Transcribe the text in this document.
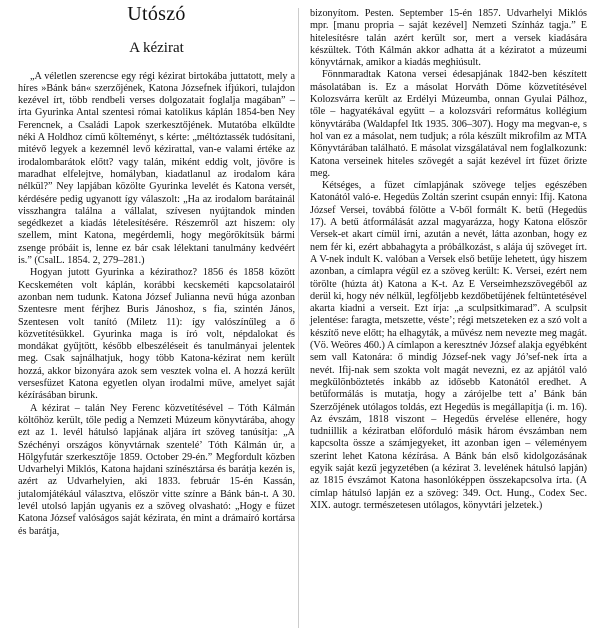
Utószó
A kézirat

„A véletlen szerencse egy régi kézirat birtokába juttatott, mely a híres »Bánk bán« szerzőjének, Katona Józsefnek ifjúkori, tulajdon kezével írt, több rendbeli verses dolgozatait foglalja magában” – írta Gyurinka Antal szentesi római katolikus káplán 1854-ben Ney Ferencnek, a Családi Lapok szerkesztőjének. Mutatóba elküldte néki A Holdhoz című költeményt, s kérte: „méltóztassék tudósítani, mitévő legyek a kezemnél levő kézirattal, van-e valami értéke az irodalombarátok előtt? vagy talán, miként eddig volt, jövőre is maradhat elfelejtve, homályban, kiadatlanul az irodalom kára nélkül?” Ney lapjában közölte Gyurinka levelét és Katona versét, kérdésére pedig ugyanott így válaszolt: „Ha az irodalom barátainál visszhangra találna a vállalat, szívesen nyújtandok minden segédkezet a kiadás lételesítésére. Részemről azt hiszem: oly szellem, mint Katona, megérdemli, hogy megörökítsük bármi zsenge próbáit is, lenne ez bár csak lélektani tanulmány kedvéért is.” (CsalL. 1854. 2, 279–281.)

Hogyan jutott Gyurinka a kézirathoz? 1856 és 1858 között Kecskeméten volt káplán, korábbi kecskeméti kapcsolatairól azonban nem tudunk. Katona József Julianna nevű húga azonban Szentesre ment férjhez Buris Jánoshoz, s fia, szintén János, Szentesen volt tanító (Miletz 11): így valószínűleg a ő közvetítésükkel. Gyurinka maga is író volt, népdalokat és mondákat gyűjtött, később elbeszéléseit és tanulmányai jelentek meg. Csak sajnálhatjuk, hogy több Katona-kézirat nem került hozzá, akkor bizonyára azok sem vesztek volna el. A hozzá került versesfüzet Katona egyetlen olyan irodalmi műve, amelyet saját kézírásában birunk.

A kézirat – talán Ney Ferenc közvetítésével – Tóth Kálmán költőhöz került, tőle pedig a Nemzeti Múzeum könyvtárába, ahogy ezt az 1. levél hátulsó lapjának aljára írt szöveg tanúsítja: „A Széchényi országos könyvtárnak szentelé’ Tóth Kálmán úr, a Hölgyfutár szerkesztője 1859. October 29-én.” Megfordult közben Udvarhelyi Miklós, Katona hajdani színésztársa és barátja kezén is, azért az Udvarhelyien, aki 1833. február 15-én Kassán, jutalomjátékául választva, először vitte színre a Bánk bán-t. A 30. levél utolsó lapján ugyanis ez a szöveg olvasható: „Hogy e füzet Katona József valóságos saját kézirata, én mint a drámaíró kortársa és barátja,

bizonyítom. Pesten. September 15-én 1857. Udvarhelyi Miklós mpr. [manu propria – saját kezével] Nemzeti Színház tagja.” E hitelesítésre talán azért került sor, mert a versek kiadására készültek. Tóth Kálmán akkor adhatta át a kéziratot a múzeumi könyvtárnak, amikor a kiadás meghiúsult.

Fönnmaradtak Katona versei édesapjának 1842-ben készített másolatában is. Ez a másolat Horváth Döme közvetítésével Kolozsvárra került az Erdélyi Múzeumba, onnan Gyulai Pálhoz, tőle – hagyatékával együtt – a kolozsvári református kollégium könyvtárába (Waldapfel Itk 1935. 306–307). Hogy ma megvan-e, s hol van ez a másolat, nem tudjuk; a róla készült mikrofilm az MTA Könyvtárában található. E másolat vizsgálatával nem foglalkozunk: Katona verseinek hiteles szövegét a saját kezével írt füzet őrizte meg.

Kétséges, a füzet címlapjának szövege teljes egészében Katonától való-e. Hegedüs Zoltán szerint csupán ennyi: Ifij. Katona József Versei, továbbá fölötte a V-ből formált K. betű (Hegedüs 17). A betű átformálását azzal magyarázza, hogy Katona először Versek-et akart címül írni, azután a nevét, látta azonban, hogy ez nem fér ki, ezért abbahagyta a próbálkozást, s alája új szöveget írt. A V-nek indult K. valóban a Versek első betűje lehetett, úgy hiszem azonban, a címlapra végül ez a szöveg került: K. Versei, ezért nem törölte (húzta át) Katona a K-t. Az E Verseimhezszövegéből az derül ki, hogy név nélkül, legföljebb kezdőbetűjének feltüntetésével akarta kiadni a verseit. Ezt írja: „a sculpsitkimarad”. A sculpsit jelentése: faragta, metszette, véste’; régi metszeteken ez a szó volt a készítő neve előtt; ha elhagyták, a művész nem nevezte meg magát. (Vö. Weöres 460.) A címlapon a keresztnév József alakja egyébként sem vall Katonára: ő mindig József-nek vagy Jó’sef-nek írta a nevét. Ifij-nak sem szokta volt magát nevezni, ez az apjától való megkülönböztetés inkább az idősebb Katonától eredhet. A betűformálás is mutatja, hogy a zárójelbe tett a’ Bánk bán Szerzőjének utólagos toldás, ezt Hegedüs is megállapítja (i. m. 16). Az évszám, 1818 viszont – Hegedüs érvelése ellenére, hogy tudniillik a kéziratban előforduló másik három évszámban nem kapcsolta össze a számjegyeket, itt azonban igen – véleményem szerint lehet Katona kézírása. A Bánk bán első kidolgozásának egyik saját kezű jegyzetében (a kézirat 3. levelének hátulsó lapján) az 1815 évszámot Katona hasonlóképpen összekapcsolva írta. (A címlap hátulsó lapján ez a szöveg: 349. Oct. Hung., Codex Sec. XIX. autogr. természetesen utólagos, könyvtári jelzetek.)
